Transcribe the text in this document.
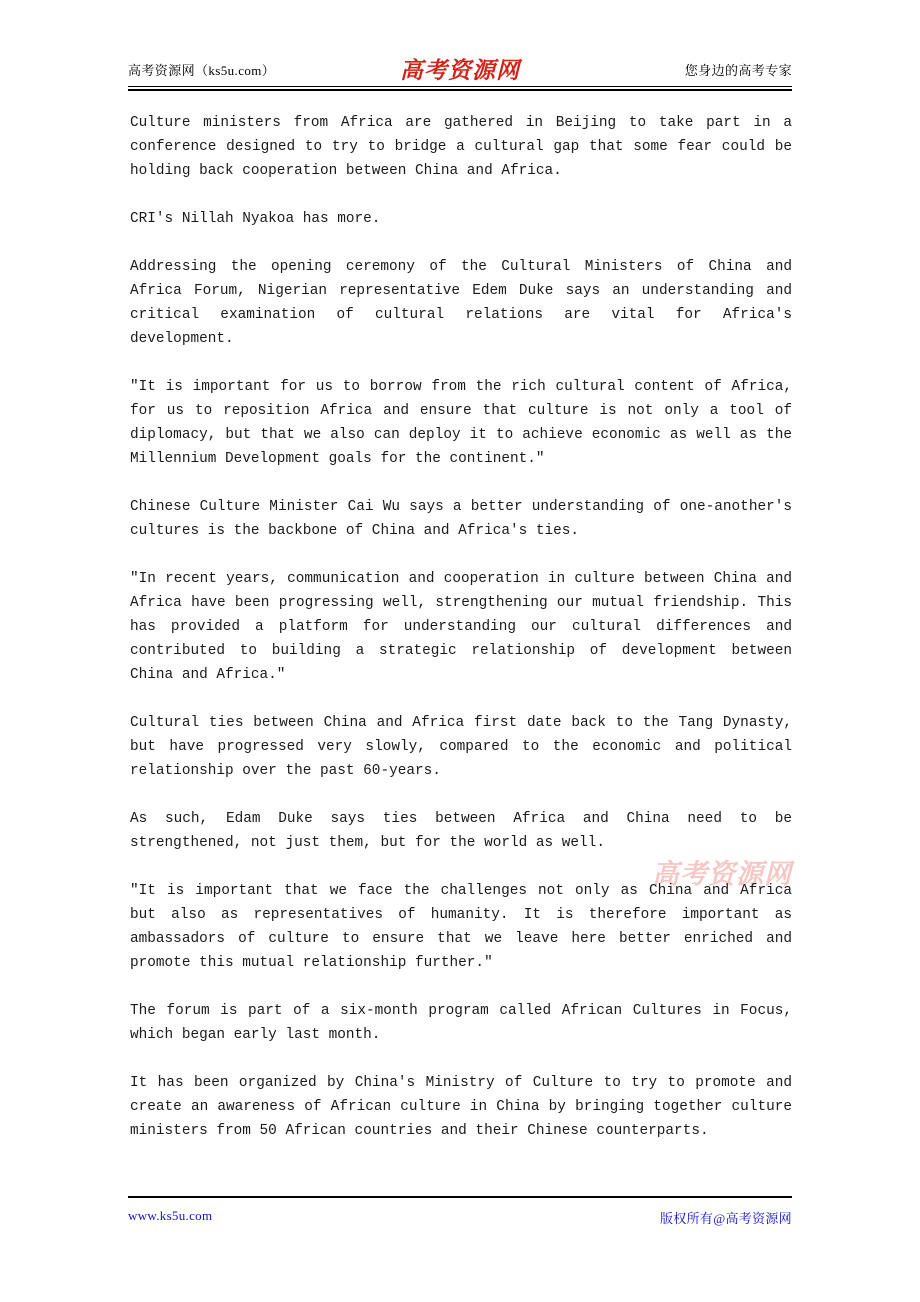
高考资源网（ks5u.com）	高考资源网	您身边的高考专家
高考资源网

Culture ministers from Africa are gathered in Beijing to take part in a conference designed to try to bridge a cultural gap that some fear could be holding back cooperation between China and Africa.

CRI's Nillah Nyakoa has more.

Addressing the opening ceremony of the Cultural Ministers of China and Africa Forum, Nigerian representative Edem Duke says an understanding and critical examination of cultural relations are vital for Africa's development.

"It is important for us to borrow from the rich cultural content of Africa, for us to reposition Africa and ensure that culture is not only a tool of diplomacy, but that we also can deploy it to achieve economic as well as the Millennium Development goals for the continent."

Chinese Culture Minister Cai Wu says a better understanding of one-another's cultures is the backbone of China and Africa's ties.

"In recent years, communication and cooperation in culture between China and Africa have been progressing well, strengthening our mutual friendship. This has provided a platform for understanding our cultural differences and contributed to building a strategic relationship of development between China and Africa."

Cultural ties between China and Africa first date back to the Tang Dynasty, but have progressed very slowly, compared to the economic and political relationship over the past 60-years.

As such, Edam Duke says ties between Africa and China need to be strengthened, not just them, but for the world as well.

"It is important that we face the challenges not only as China and Africa but also as representatives of humanity. It is therefore important as ambassadors of culture to ensure that we leave here better enriched and promote this mutual relationship further."

The forum is part of a six-month program called African Cultures in Focus, which began early last month.

It has been organized by China's Ministry of Culture to try to promote and create an awareness of African culture in China by bringing together culture ministers from 50 African countries and their Chinese counterparts.

www.ks5u.com	版权所有@高考资源网
